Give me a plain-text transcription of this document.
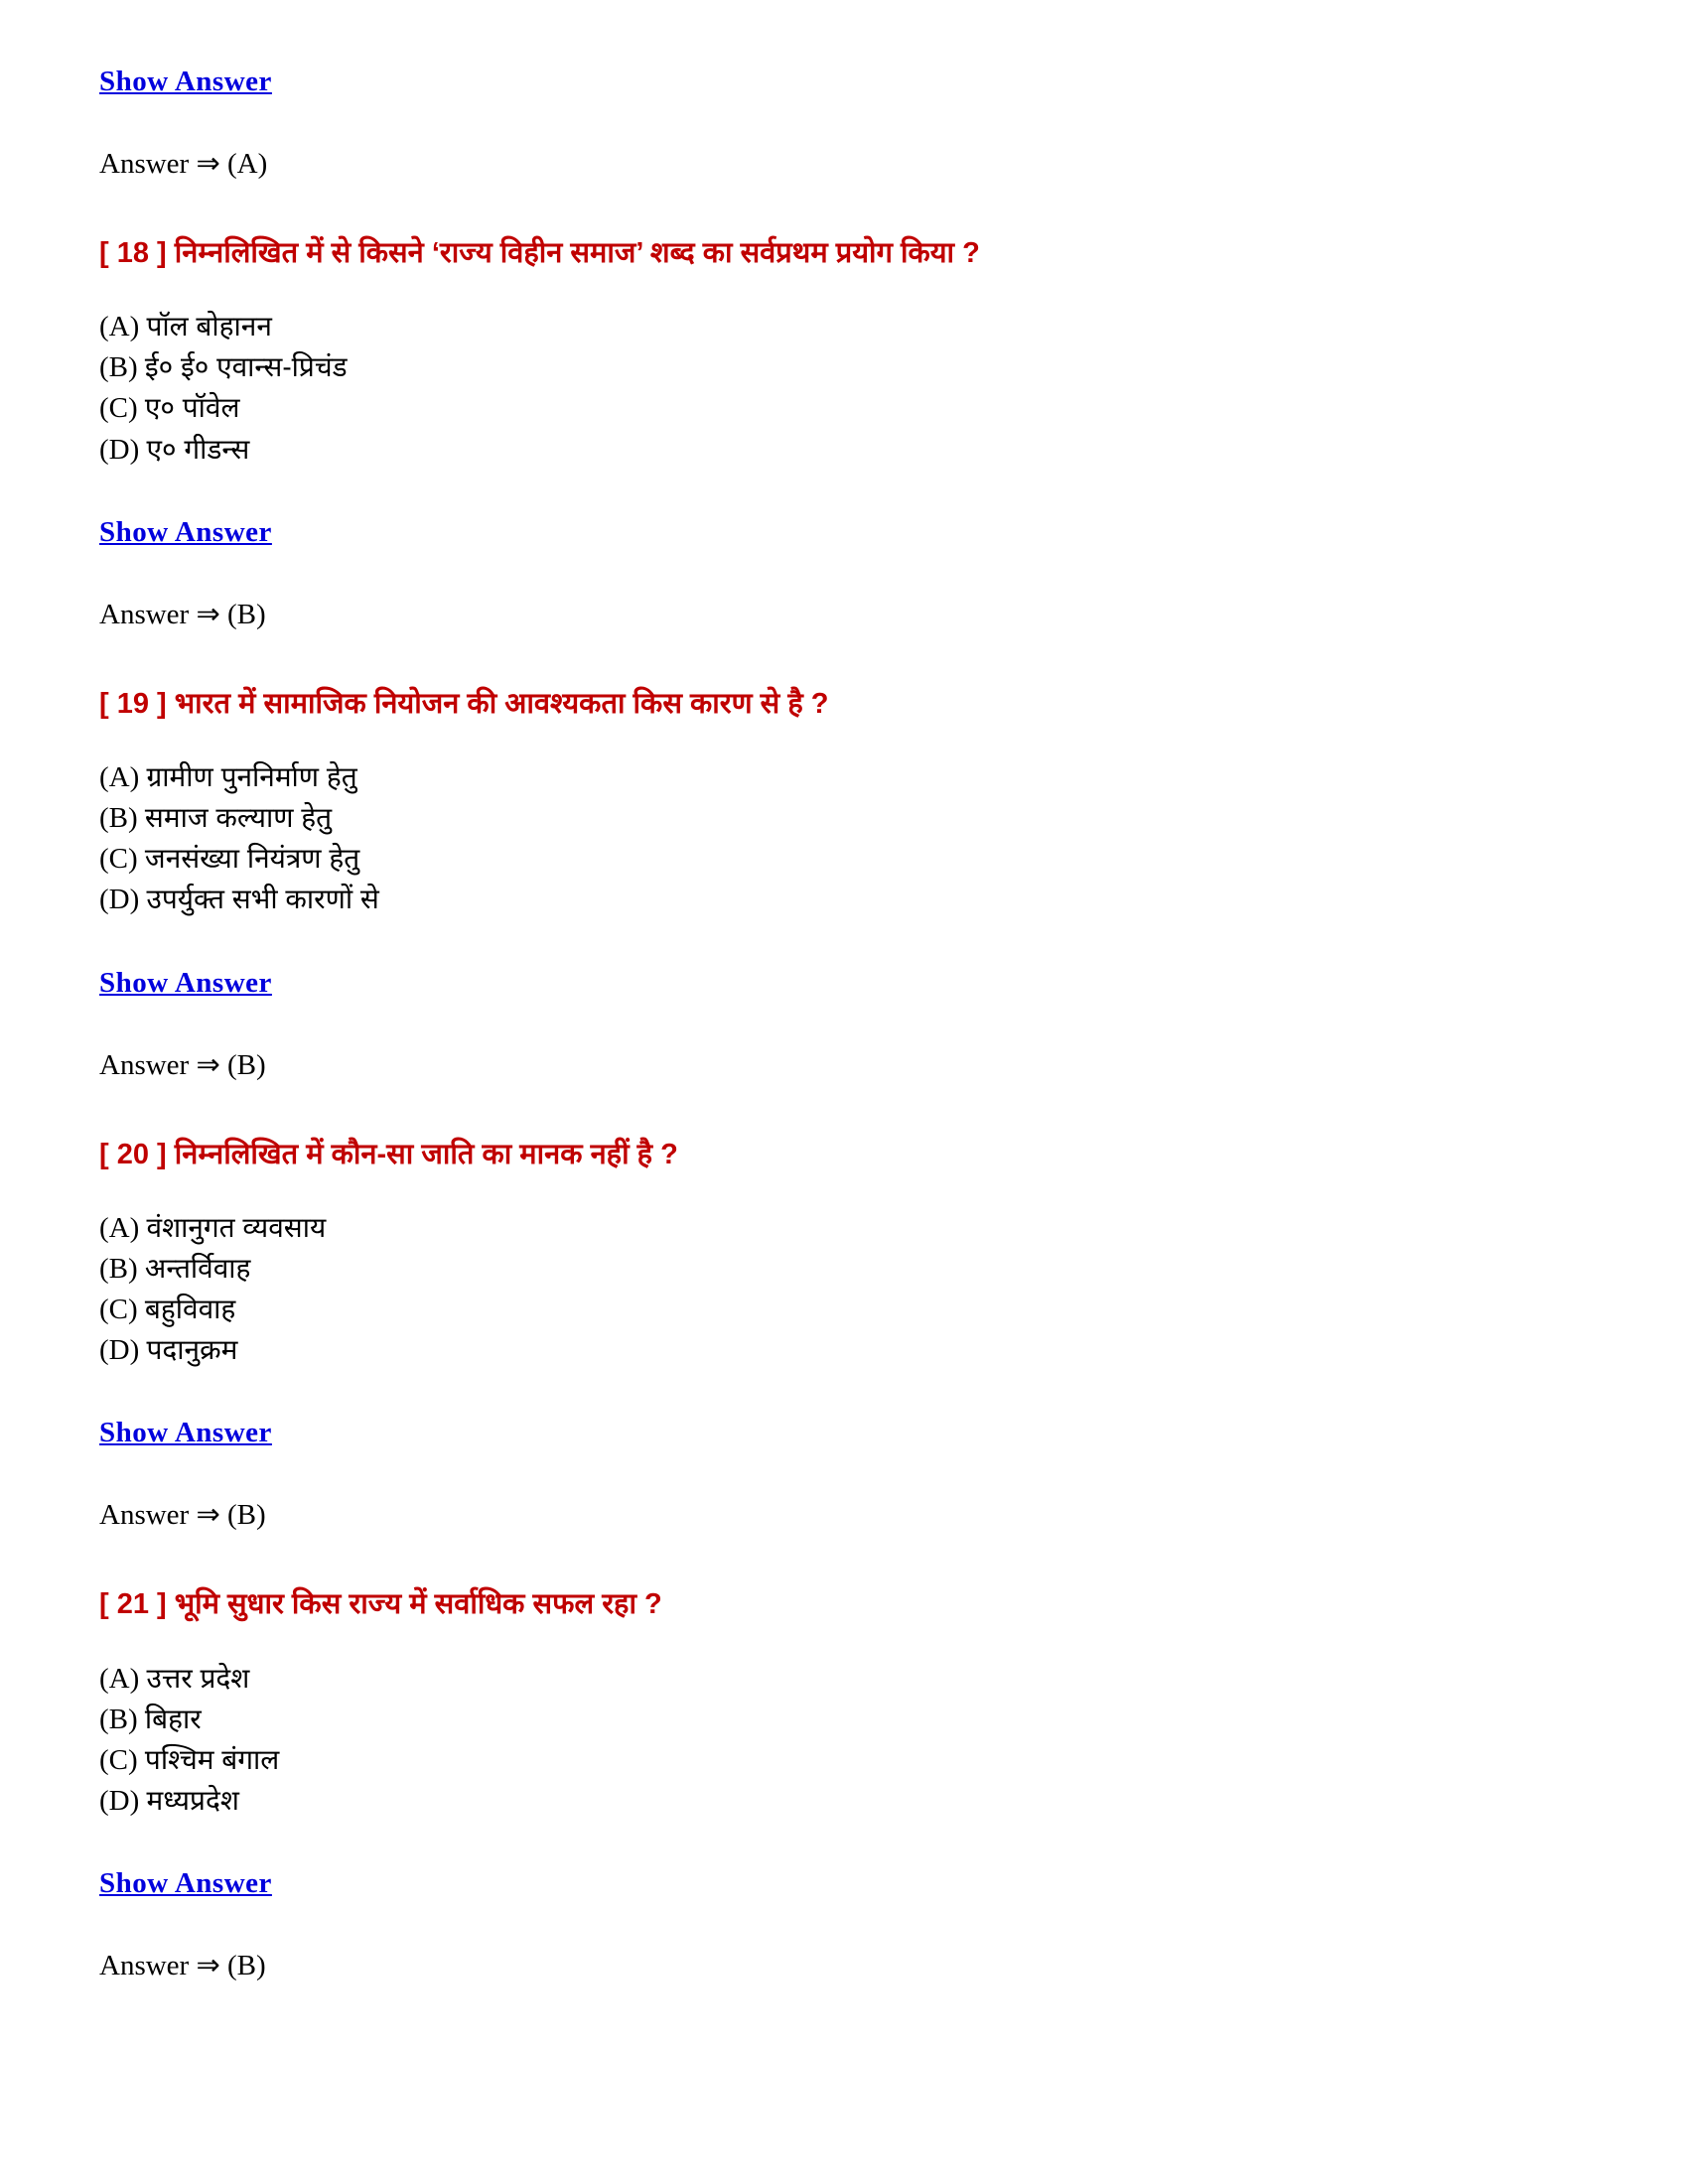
Show Answer
Answer ⇒ (A)
[ 18 ] निम्नलिखित में से किसने ‘राज्य विहीन समाज’ शब्द का सर्वप्रथम प्रयोग किया ?
(A) पॉल बोहानन
(B) ई० ई० एवान्स-प्रिचंड
(C) ए० पॉवेल
(D) ए० गीडन्स
Show Answer
Answer ⇒ (B)
[ 19 ] भारत में सामाजिक नियोजन की आवश्यकता किस कारण से है ?
(A) ग्रामीण पुननिर्माण हेतु
(B) समाज कल्याण हेतु
(C) जनसंख्या नियंत्रण हेतु
(D) उपर्युक्त सभी कारणों से
Show Answer
Answer ⇒ (B)
[ 20 ] निम्नलिखित में कौन-सा जाति का मानक नहीं है ?
(A) वंशानुगत व्यवसाय
(B) अन्तर्विवाह
(C) बहुविवाह
(D) पदानुक्रम
Show Answer
Answer ⇒ (B)
[ 21 ] भूमि सुधार किस राज्य में सर्वाधिक सफल रहा ?
(A) उत्तर प्रदेश
(B) बिहार
(C) पश्चिम बंगाल
(D) मध्यप्रदेश
Show Answer
Answer ⇒ (B)
